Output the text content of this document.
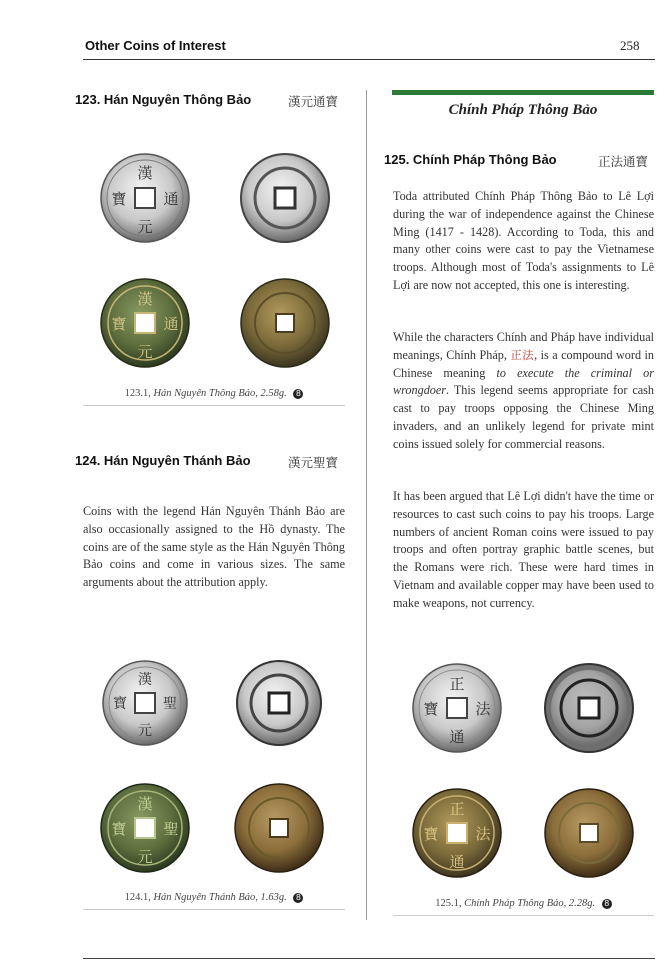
Other Coins of Interest	258
123. Hán Nguyên Thông Bảo	漢元通寶
漢
元
通
寶
漢
元
通
寶
123.1, Hán Nguyên Thông Bảo, 2.58g. 8
124. Hán Nguyên Thánh Bảo	漢元聖寶
Coins with the legend Hán Nguyên Thánh Bảo are also occasionally assigned to the Hồ dynasty. The coins are of the same style as the Hán Nguyên Thông Bảo coins and come in various sizes. The same arguments about the attribution apply.
漢
元
聖
寶
漢
元
聖
寶
124.1, Hán Nguyên Thánh Bảo, 1.63g. 8
Chính Pháp Thông Bảo
125. Chính Pháp Thông Bảo	正法通寶
Toda attributed Chính Pháp Thông Bảo to Lê Lợi during the war of independence against the Chinese Ming (1417 - 1428). According to Toda, this and many other coins were cast to pay the Vietnamese troops. Although most of Toda's assignments to Lê Lợi are now not accepted, this one is interesting.
While the characters Chính and Pháp have individual meanings, Chính Pháp, 正法, is a compound word in Chinese meaning to execute the criminal or wrongdoer. This legend seems appropriate for cash cast to pay troops opposing the Chinese Ming invaders, and an unlikely legend for private mint coins issued solely for commercial reasons.
It has been argued that Lê Lợi didn't have the time or resources to cast such coins to pay his troops. Large numbers of ancient Roman coins were issued to pay troops and often portray graphic battle scenes, but the Romans were rich. These were hard times in Vietnam and available copper may have been used to make weapons, not currency.
正
通
法
寶
正
通
法
寶
125.1, Chính Pháp Thông Bảo, 2.28g. 8
